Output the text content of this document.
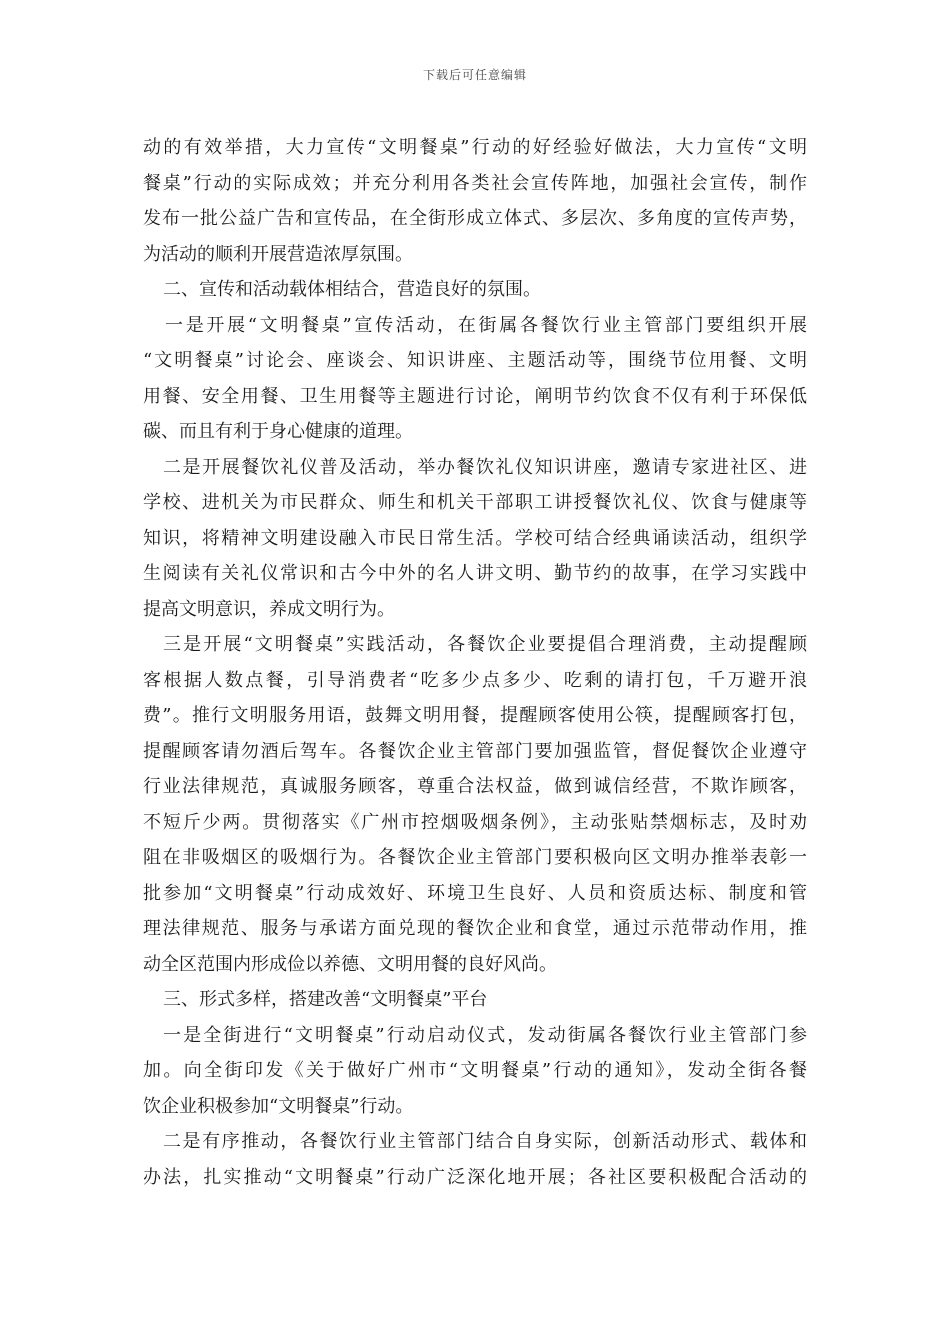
下载后可任意编辑
动的有效举措，大力宣传“文明餐桌”行动的好经验好做法，大力宣传“文明
餐桌”行动的实际成效；并充分利用各类社会宣传阵地，加强社会宣传，制作
发布一批公益广告和宣传品，在全街形成立体式、多层次、多角度的宣传声势，
为活动的顺利开展营造浓厚氛围。
二、宣传和活动载体相结合，营造良好的氛围。
一是开展“文明餐桌”宣传活动，在街属各餐饮行业主管部门要组织开展
“文明餐桌”讨论会、座谈会、知识讲座、主题活动等，围绕节位用餐、文明
用餐、安全用餐、卫生用餐等主题进行讨论，阐明节约饮食不仅有利于环保低
碳、而且有利于身心健康的道理。
二是开展餐饮礼仪普及活动，举办餐饮礼仪知识讲座，邀请专家进社区、进
学校、进机关为市民群众、师生和机关干部职工讲授餐饮礼仪、饮食与健康等
知识，将精神文明建设融入市民日常生活。学校可结合经典诵读活动，组织学
生阅读有关礼仪常识和古今中外的名人讲文明、勤节约的故事，在学习实践中
提高文明意识，养成文明行为。
三是开展“文明餐桌”实践活动，各餐饮企业要提倡合理消费，主动提醒顾
客根据人数点餐，引导消费者“吃多少点多少、吃剩的请打包，千万避开浪
费”。推行文明服务用语，鼓舞文明用餐，提醒顾客使用公筷，提醒顾客打包，
提醒顾客请勿酒后驾车。各餐饮企业主管部门要加强监管，督促餐饮企业遵守
行业法律规范，真诚服务顾客，尊重合法权益，做到诚信经营，不欺诈顾客，
不短斤少两。贯彻落实《广州市控烟吸烟条例》，主动张贴禁烟标志，及时劝
阻在非吸烟区的吸烟行为。各餐饮企业主管部门要积极向区文明办推举表彰一
批参加“文明餐桌”行动成效好、环境卫生良好、人员和资质达标、制度和管
理法律规范、服务与承诺方面兑现的餐饮企业和食堂，通过示范带动作用，推
动全区范围内形成俭以养德、文明用餐的良好风尚。
三、形式多样，搭建改善“文明餐桌”平台
一是全街进行“文明餐桌”行动启动仪式，发动街属各餐饮行业主管部门参
加。向全街印发《关于做好广州市“文明餐桌”行动的通知》，发动全街各餐
饮企业积极参加“文明餐桌”行动。
二是有序推动，各餐饮行业主管部门结合自身实际，创新活动形式、载体和
办法，扎实推动“文明餐桌”行动广泛深化地开展；各社区要积极配合活动的
